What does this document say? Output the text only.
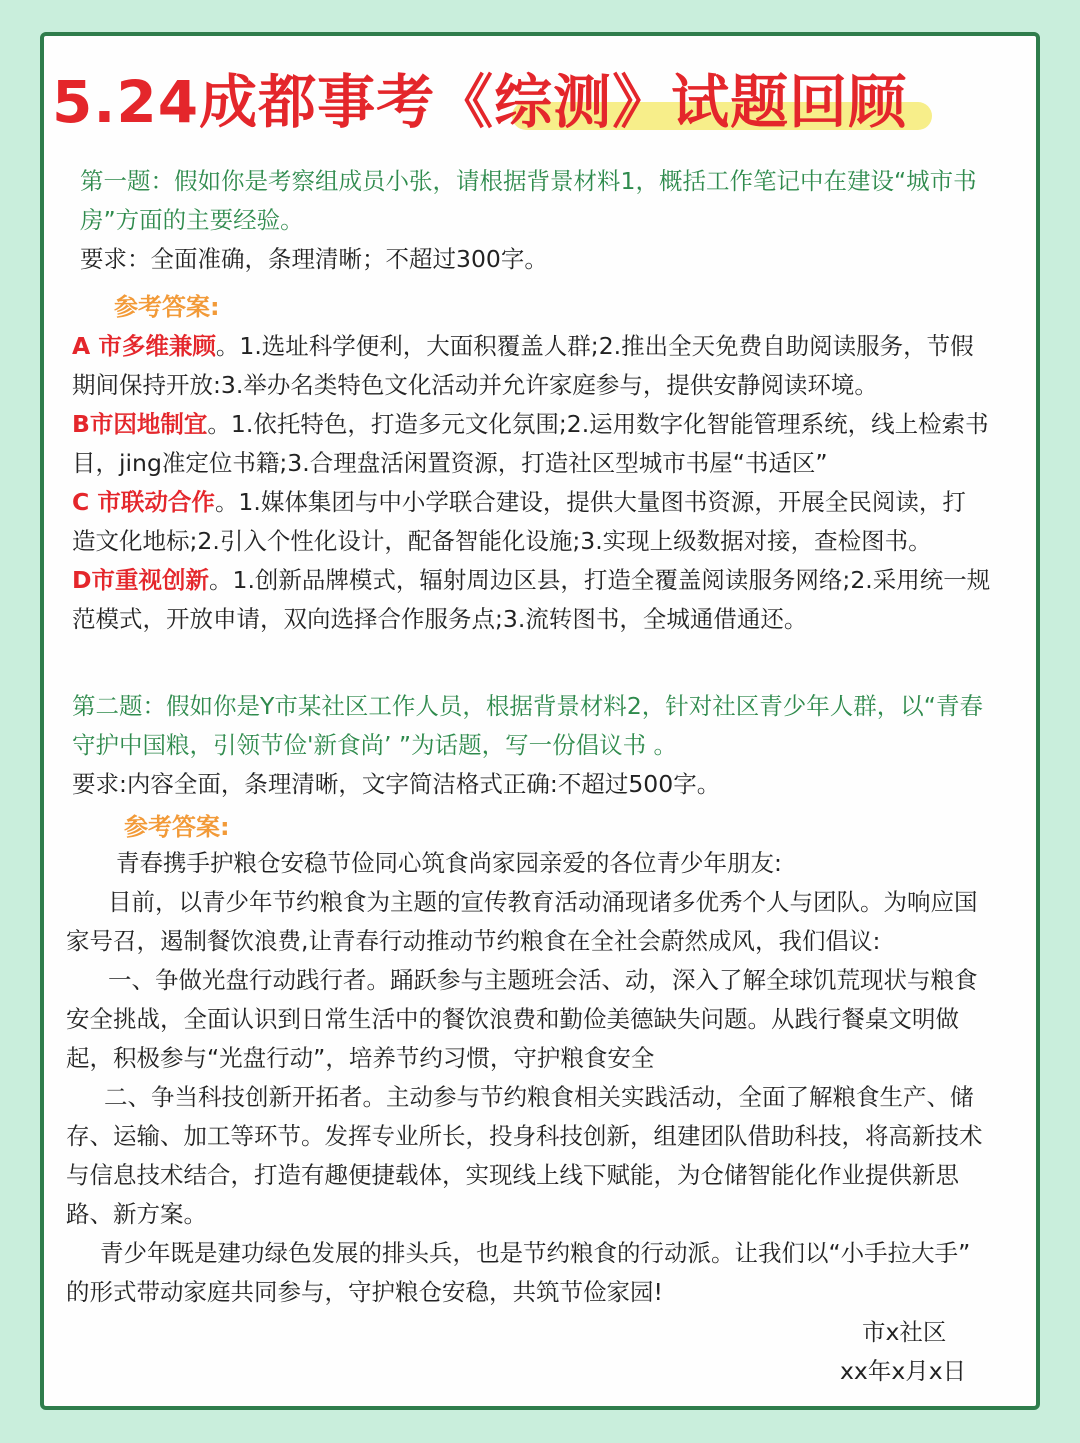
5.24成都事考《综测》试题回顾
第一题：假如你是考察组成员小张，请根据背景材料1，概括工作笔记中在建设“城市书
房”方面的主要经验。
要求：全面准确，条理清晰；不超过300字。
参考答案:
A 市多维兼顾。1.选址科学便利，大面积覆盖人群;2.推出全天免费自助阅读服务，节假
期间保持开放:3.举办名类特色文化活动并允许家庭参与，提供安静阅读环境。
B市因地制宜。1.依托特色，打造多元文化氛围;2.运用数字化智能管理系统，线上检索书
目，jing准定位书籍;3.合理盘活闲置资源，打造社区型城市书屋“书适区”
C 市联动合作。1.媒体集团与中小学联合建设，提供大量图书资源，开展全民阅读，打
造文化地标;2.引入个性化设计，配备智能化设施;3.实现上级数据对接，查检图书。
D市重视创新。1.创新品牌模式，辐射周边区县，打造全覆盖阅读服务网络;2.采用统一规
范模式，开放申请，双向选择合作服务点;3.流转图书，全城通借通还。
第二题：假如你是Y市某社区工作人员，根据背景材料2，针对社区青少年人群，以“青春
守护中国粮，引领节俭'新食尚’ ”为话题，写一份倡议书 。
要求:内容全面，条理清晰，文字简洁格式正确:不超过500字。
参考答案:
青春携手护粮仓安稳节俭同心筑食尚家园亲爱的各位青少年朋友:
目前，以青少年节约粮食为主题的宣传教育活动涌现诸多优秀个人与团队。为响应国
家号召，遏制餐饮浪费,让青春行动推动节约粮食在全社会蔚然成风，我们倡议:
一、争做光盘行动践行者。踊跃参与主题班会活、动，深入了解全球饥荒现状与粮食
安全挑战，全面认识到日常生活中的餐饮浪费和勤俭美德缺失问题。从践行餐桌文明做
起，积极参与“光盘行动”，培养节约习惯，守护粮食安全
二、争当科技创新开拓者。主动参与节约粮食相关实践活动，全面了解粮食生产、储
存、运输、加工等环节。发挥专业所长，投身科技创新，组建团队借助科技，将高新技术
与信息技术结合，打造有趣便捷载体，实现线上线下赋能，为仓储智能化作业提供新思
路、新方案。
青少年既是建功绿色发展的排头兵，也是节约粮食的行动派。让我们以“小手拉大手”
的形式带动家庭共同参与，守护粮仓安稳，共筑节俭家园!
市x社区
xx年x月x日
